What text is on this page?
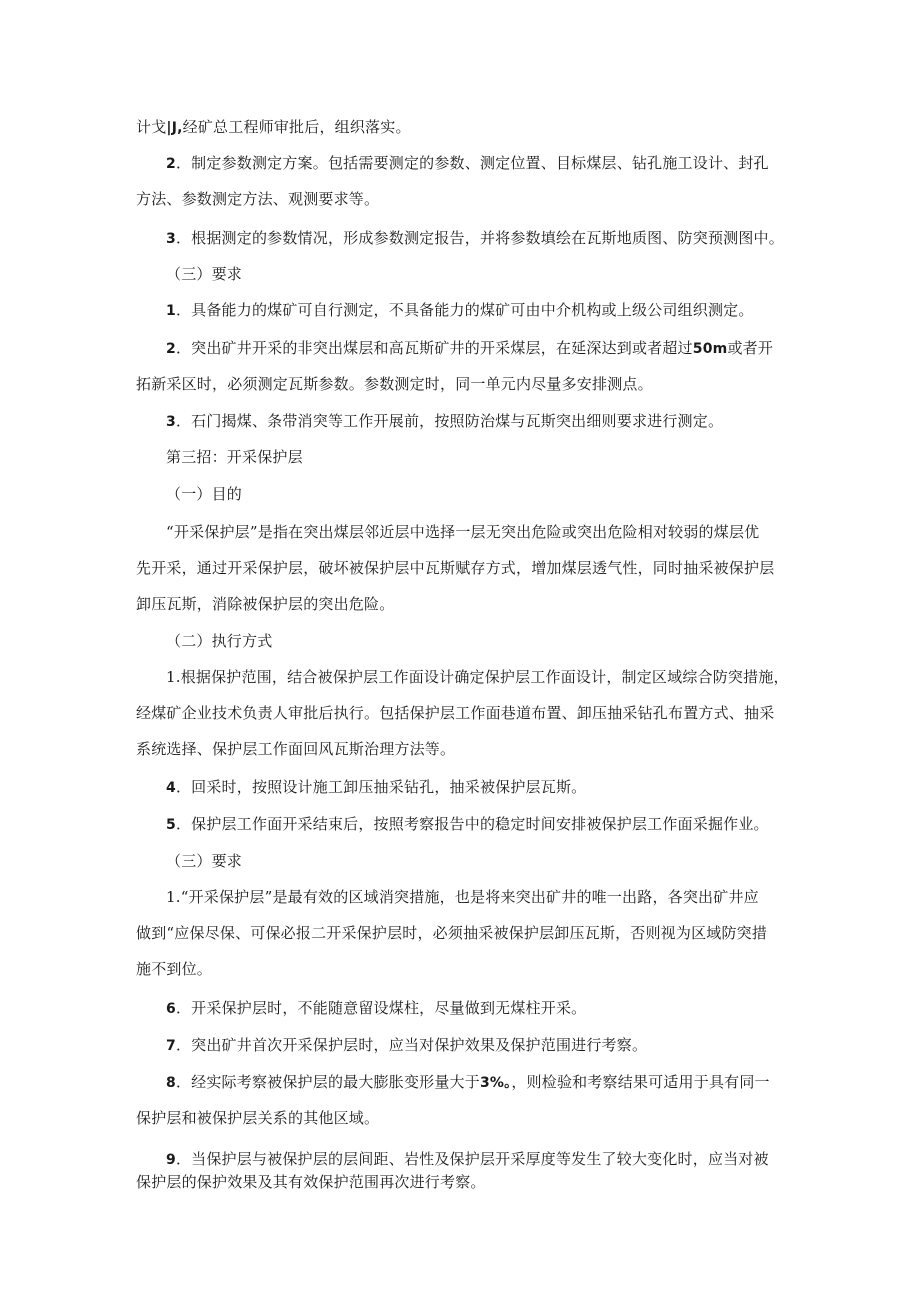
计戈|J,经矿总工程师审批后，组织落实。
2．制定参数测定方案。包括需要测定的参数、测定位置、目标煤层、钻孔施工设计、封孔
方法、参数测定方法、观测要求等。
3．根据测定的参数情况，形成参数测定报告，并将参数填绘在瓦斯地质图、防突预测图中。
（三）要求
1．具备能力的煤矿可自行测定，不具备能力的煤矿可由中介机构或上级公司组织测定。
2．突出矿井开采的非突出煤层和高瓦斯矿井的开采煤层，在延深达到或者超过50m或者开
拓新采区时，必须测定瓦斯参数。参数测定时，同一单元内尽量多安排测点。
3．石门揭煤、条带消突等工作开展前，按照防治煤与瓦斯突出细则要求进行测定。
第三招：开采保护层
（一）目的
“开采保护层”是指在突出煤层邻近层中选择一层无突出危险或突出危险相对较弱的煤层优
先开采，通过开采保护层，破坏被保护层中瓦斯赋存方式，增加煤层透气性，同时抽采被保护层
卸压瓦斯，消除被保护层的突出危险。
（二）执行方式
1.根据保护范围，结合被保护层工作面设计确定保护层工作面设计，制定区域综合防突措施，
经煤矿企业技术负责人审批后执行。包括保护层工作面巷道布置、卸压抽采钻孔布置方式、抽采
系统选择、保护层工作面回风瓦斯治理方法等。
4．回采时，按照设计施工卸压抽采钻孔，抽采被保护层瓦斯。
5．保护层工作面开采结束后，按照考察报告中的稳定时间安排被保护层工作面采掘作业。
（三）要求
1.“开采保护层”是最有效的区域消突措施，也是将来突出矿井的唯一出路，各突出矿井应
做到“应保尽保、可保必报二开采保护层时，必须抽采被保护层卸压瓦斯，否则视为区域防突措
施不到位。
6．开采保护层时，不能随意留设煤柱，尽量做到无煤柱开采。
7．突出矿井首次开采保护层时，应当对保护效果及保护范围进行考察。
8．经实际考察被保护层的最大膨胀变形量大于3%。，则检验和考察结果可适用于具有同一
保护层和被保护层关系的其他区域。
9．当保护层与被保护层的层间距、岩性及保护层开采厚度等发生了较大变化时，应当对被
保护层的保护效果及其有效保护范围再次进行考察。
